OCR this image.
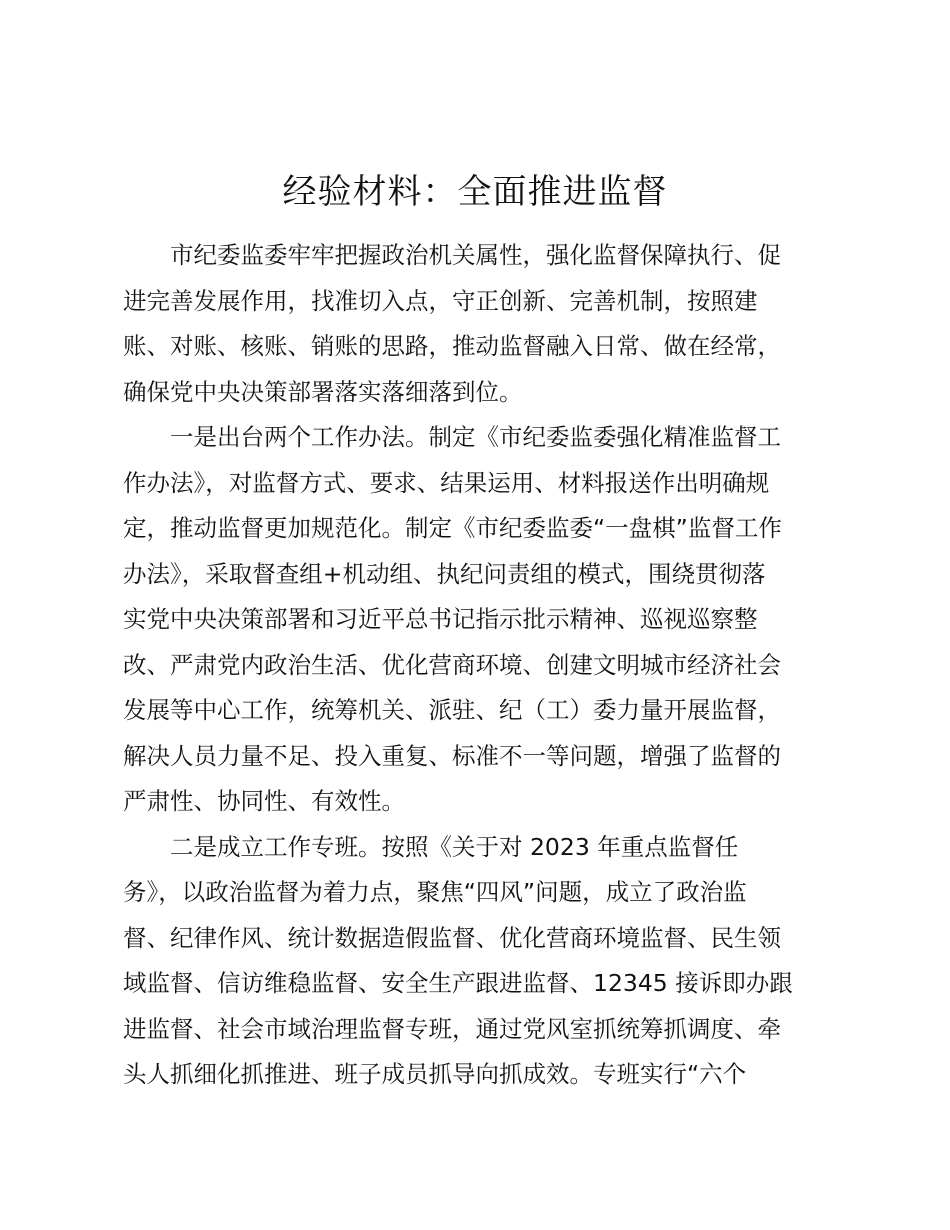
经验材料：全面推进监督

市纪委监委牢牢把握政治机关属性，强化监督保障执行、促
进完善发展作用，找准切入点，守正创新、完善机制，按照建
账、对账、核账、销账的思路，推动监督融入日常、做在经常，
确保党中央决策部署落实落细落到位。

一是出台两个工作办法。制定《市纪委监委强化精准监督工
作办法》，对监督方式、要求、结果运用、材料报送作出明确规
定，推动监督更加规范化。制定《市纪委监委“一盘棋”监督工作
办法》，采取督查组+机动组、执纪问责组的模式，围绕贯彻落
实党中央决策部署和习近平总书记指示批示精神、巡视巡察整
改、严肃党内政治生活、优化营商环境、创建文明城市经济社会
发展等中心工作，统筹机关、派驻、纪（工）委力量开展监督，
解决人员力量不足、投入重复、标准不一等问题，增强了监督的
严肃性、协同性、有效性。

二是成立工作专班。按照《关于对 2023 年重点监督任
务》，以政治监督为着力点，聚焦“四风”问题，成立了政治监
督、纪律作风、统计数据造假监督、优化营商环境监督、民生领
域监督、信访维稳监督、安全生产跟进监督、12345 接诉即办跟
进监督、社会市域治理监督专班，通过党风室抓统筹抓调度、牵
头人抓细化抓推进、班子成员抓导向抓成效。专班实行“六个
